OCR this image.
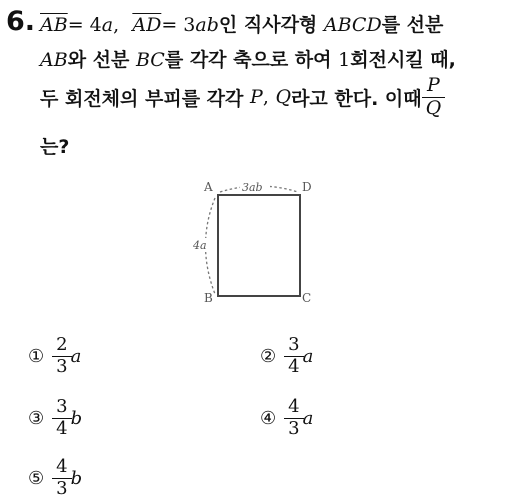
6. $\overline{AB}= 4a$, $\overline{AD}= 3ab$인 직사각형 ABCD를 선분
AB와 선분 BC를 각각 축으로 하여 1회전시킬 때,
두 회전체의 부피를 각각
P ,
Q 라고 한다. 이때 $\frac{P}{Q}$
는?
A	D
B	C
3ab
4a
①
2
3 a	②
3
4 a
③
3
4 b	④
4
3 a
⑤
4
3 b
